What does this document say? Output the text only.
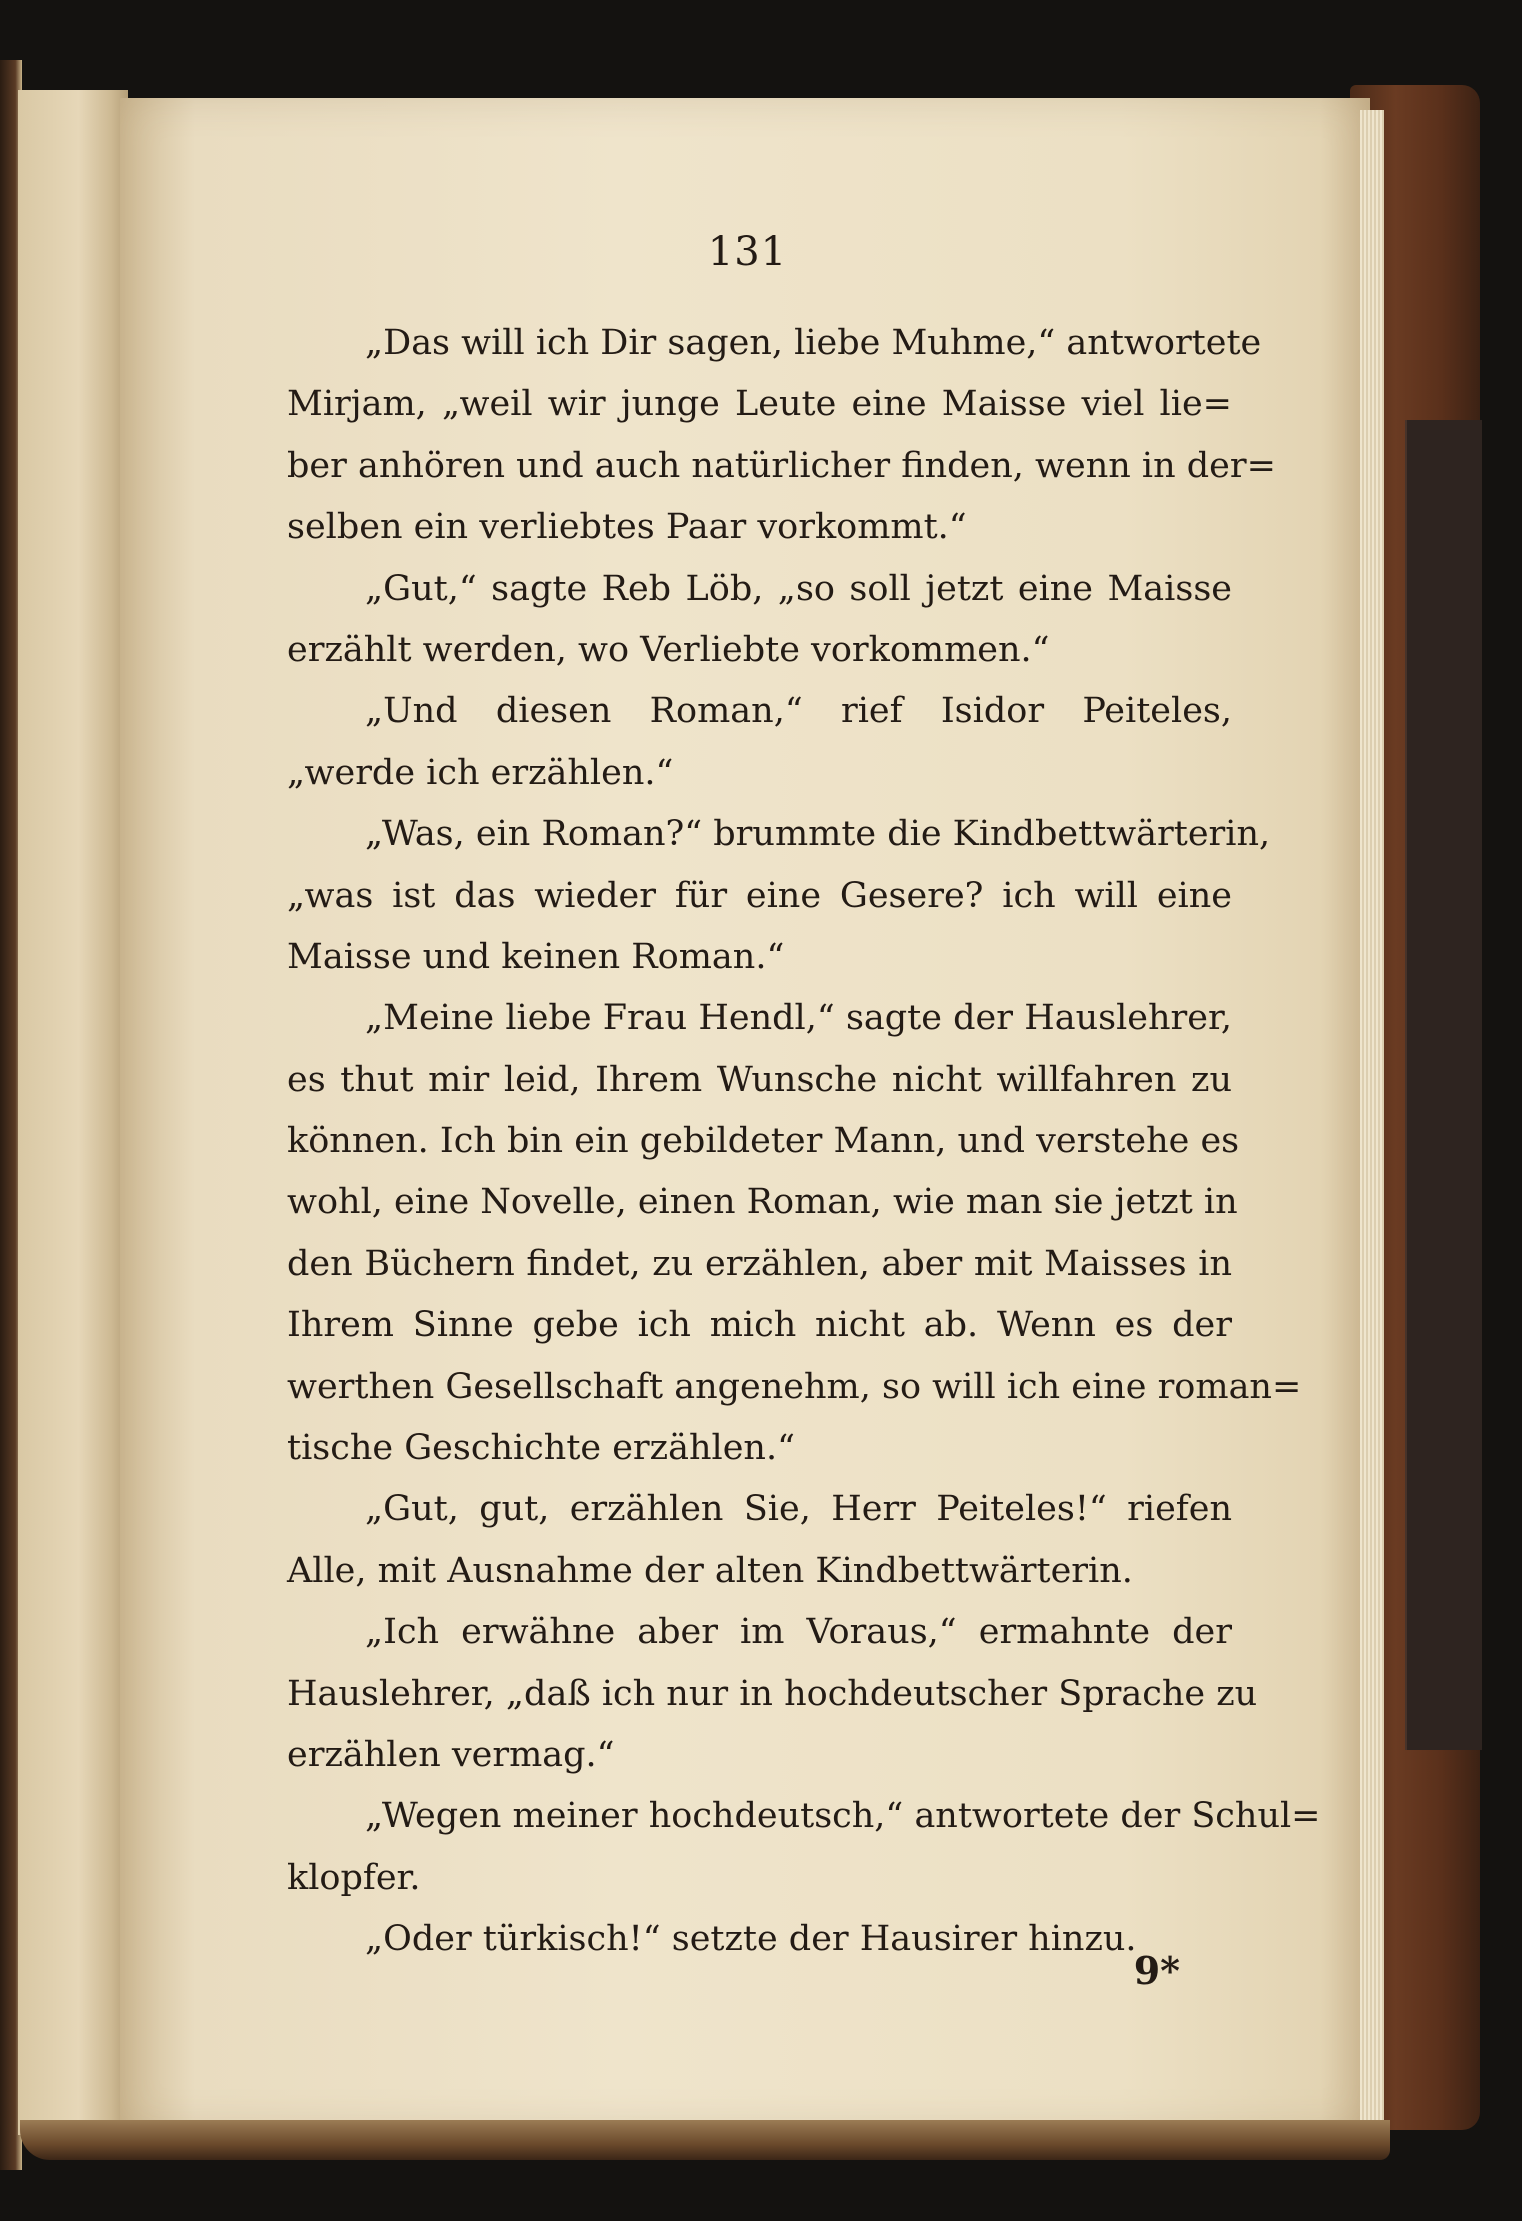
131
„Das will ich Dir sagen, liebe Muhme,“ antwortete
Mirjam, „weil wir junge Leute eine Maisse viel lie=
ber anhören und auch natürlicher finden, wenn in der=
selben ein verliebtes Paar vorkommt.“
„Gut,“ sagte Reb Löb, „so soll jetzt eine Maisse
erzählt werden, wo Verliebte vorkommen.“
„Und diesen Roman,“ rief Isidor Peiteles,
„werde ich erzählen.“
„Was, ein Roman?“ brummte die Kindbettwärterin,
„was ist das wieder für eine Gesere? ich will eine
Maisse und keinen Roman.“
„Meine liebe Frau Hendl,“ sagte der Hauslehrer,
es thut mir leid, Ihrem Wunsche nicht willfahren zu
können. Ich bin ein gebildeter Mann, und verstehe es
wohl, eine Novelle, einen Roman, wie man sie jetzt in
den Büchern findet, zu erzählen, aber mit Maisses in
Ihrem Sinne gebe ich mich nicht ab. Wenn es der
werthen Gesellschaft angenehm, so will ich eine roman=
tische Geschichte erzählen.“
„Gut, gut, erzählen Sie, Herr Peiteles!“ riefen
Alle, mit Ausnahme der alten Kindbettwärterin.
„Ich erwähne aber im Voraus,“ ermahnte der
Hauslehrer, „daß ich nur in hochdeutscher Sprache zu
erzählen vermag.“
„Wegen meiner hochdeutsch,“ antwortete der Schul=
klopfer.
„Oder türkisch!“ setzte der Hausirer hinzu.
9*
